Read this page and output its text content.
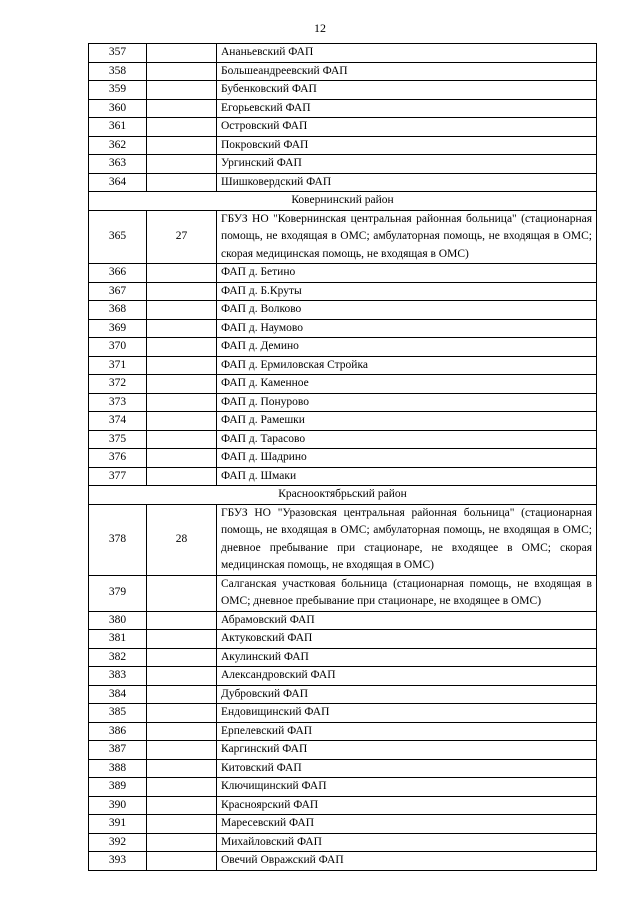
12
357		Ананьевский ФАП
358		Большеандреевский ФАП
359		Бубенковский ФАП
360		Егорьевский ФАП
361		Островский ФАП
362		Покровский ФАП
363		Ургинский ФАП
364		Шишковердский ФАП
Ковернинский район		
365	27	ГБУЗ НО "Ковернинская центральная районная больница" (стационарная помощь, не входящая в ОМС; амбулаторная помощь, не входящая в ОМС; скорая медицинская помощь, не входящая в ОМС)
366		ФАП д. Бетино
367		ФАП д. Б.Круты
368		ФАП д. Волково
369		ФАП д. Наумово
370		ФАП д. Демино
371		ФАП д. Ермиловская Стройка
372		ФАП д. Каменное
373		ФАП д. Понурово
374		ФАП д. Рамешки
375		ФАП д. Тарасово
376		ФАП д. Шадрино
377		ФАП д. Шмаки
Краснооктябрьский район		
378	28	ГБУЗ НО "Уразовская центральная районная больница" (стационарная помощь, не входящая в ОМС; амбулаторная помощь, не входящая в ОМС; дневное пребывание при стационаре, не входящее в ОМС; скорая медицинская помощь, не входящая в ОМС)
379		Салганская участковая больница (стационарная помощь, не входящая в ОМС; дневное пребывание при стационаре, не входящее в ОМС)
380		Абрамовский ФАП
381		Актуковский ФАП
382		Акулинский ФАП
383		Александровский ФАП
384		Дубровский ФАП
385		Ендовищинский ФАП
386		Ерпелевский ФАП
387		Каргинский ФАП
388		Китовский ФАП
389		Ключищинский ФАП
390		Красноярский ФАП
391		Маресевский ФАП
392		Михайловский ФАП
393		Овечий Овражский ФАП
